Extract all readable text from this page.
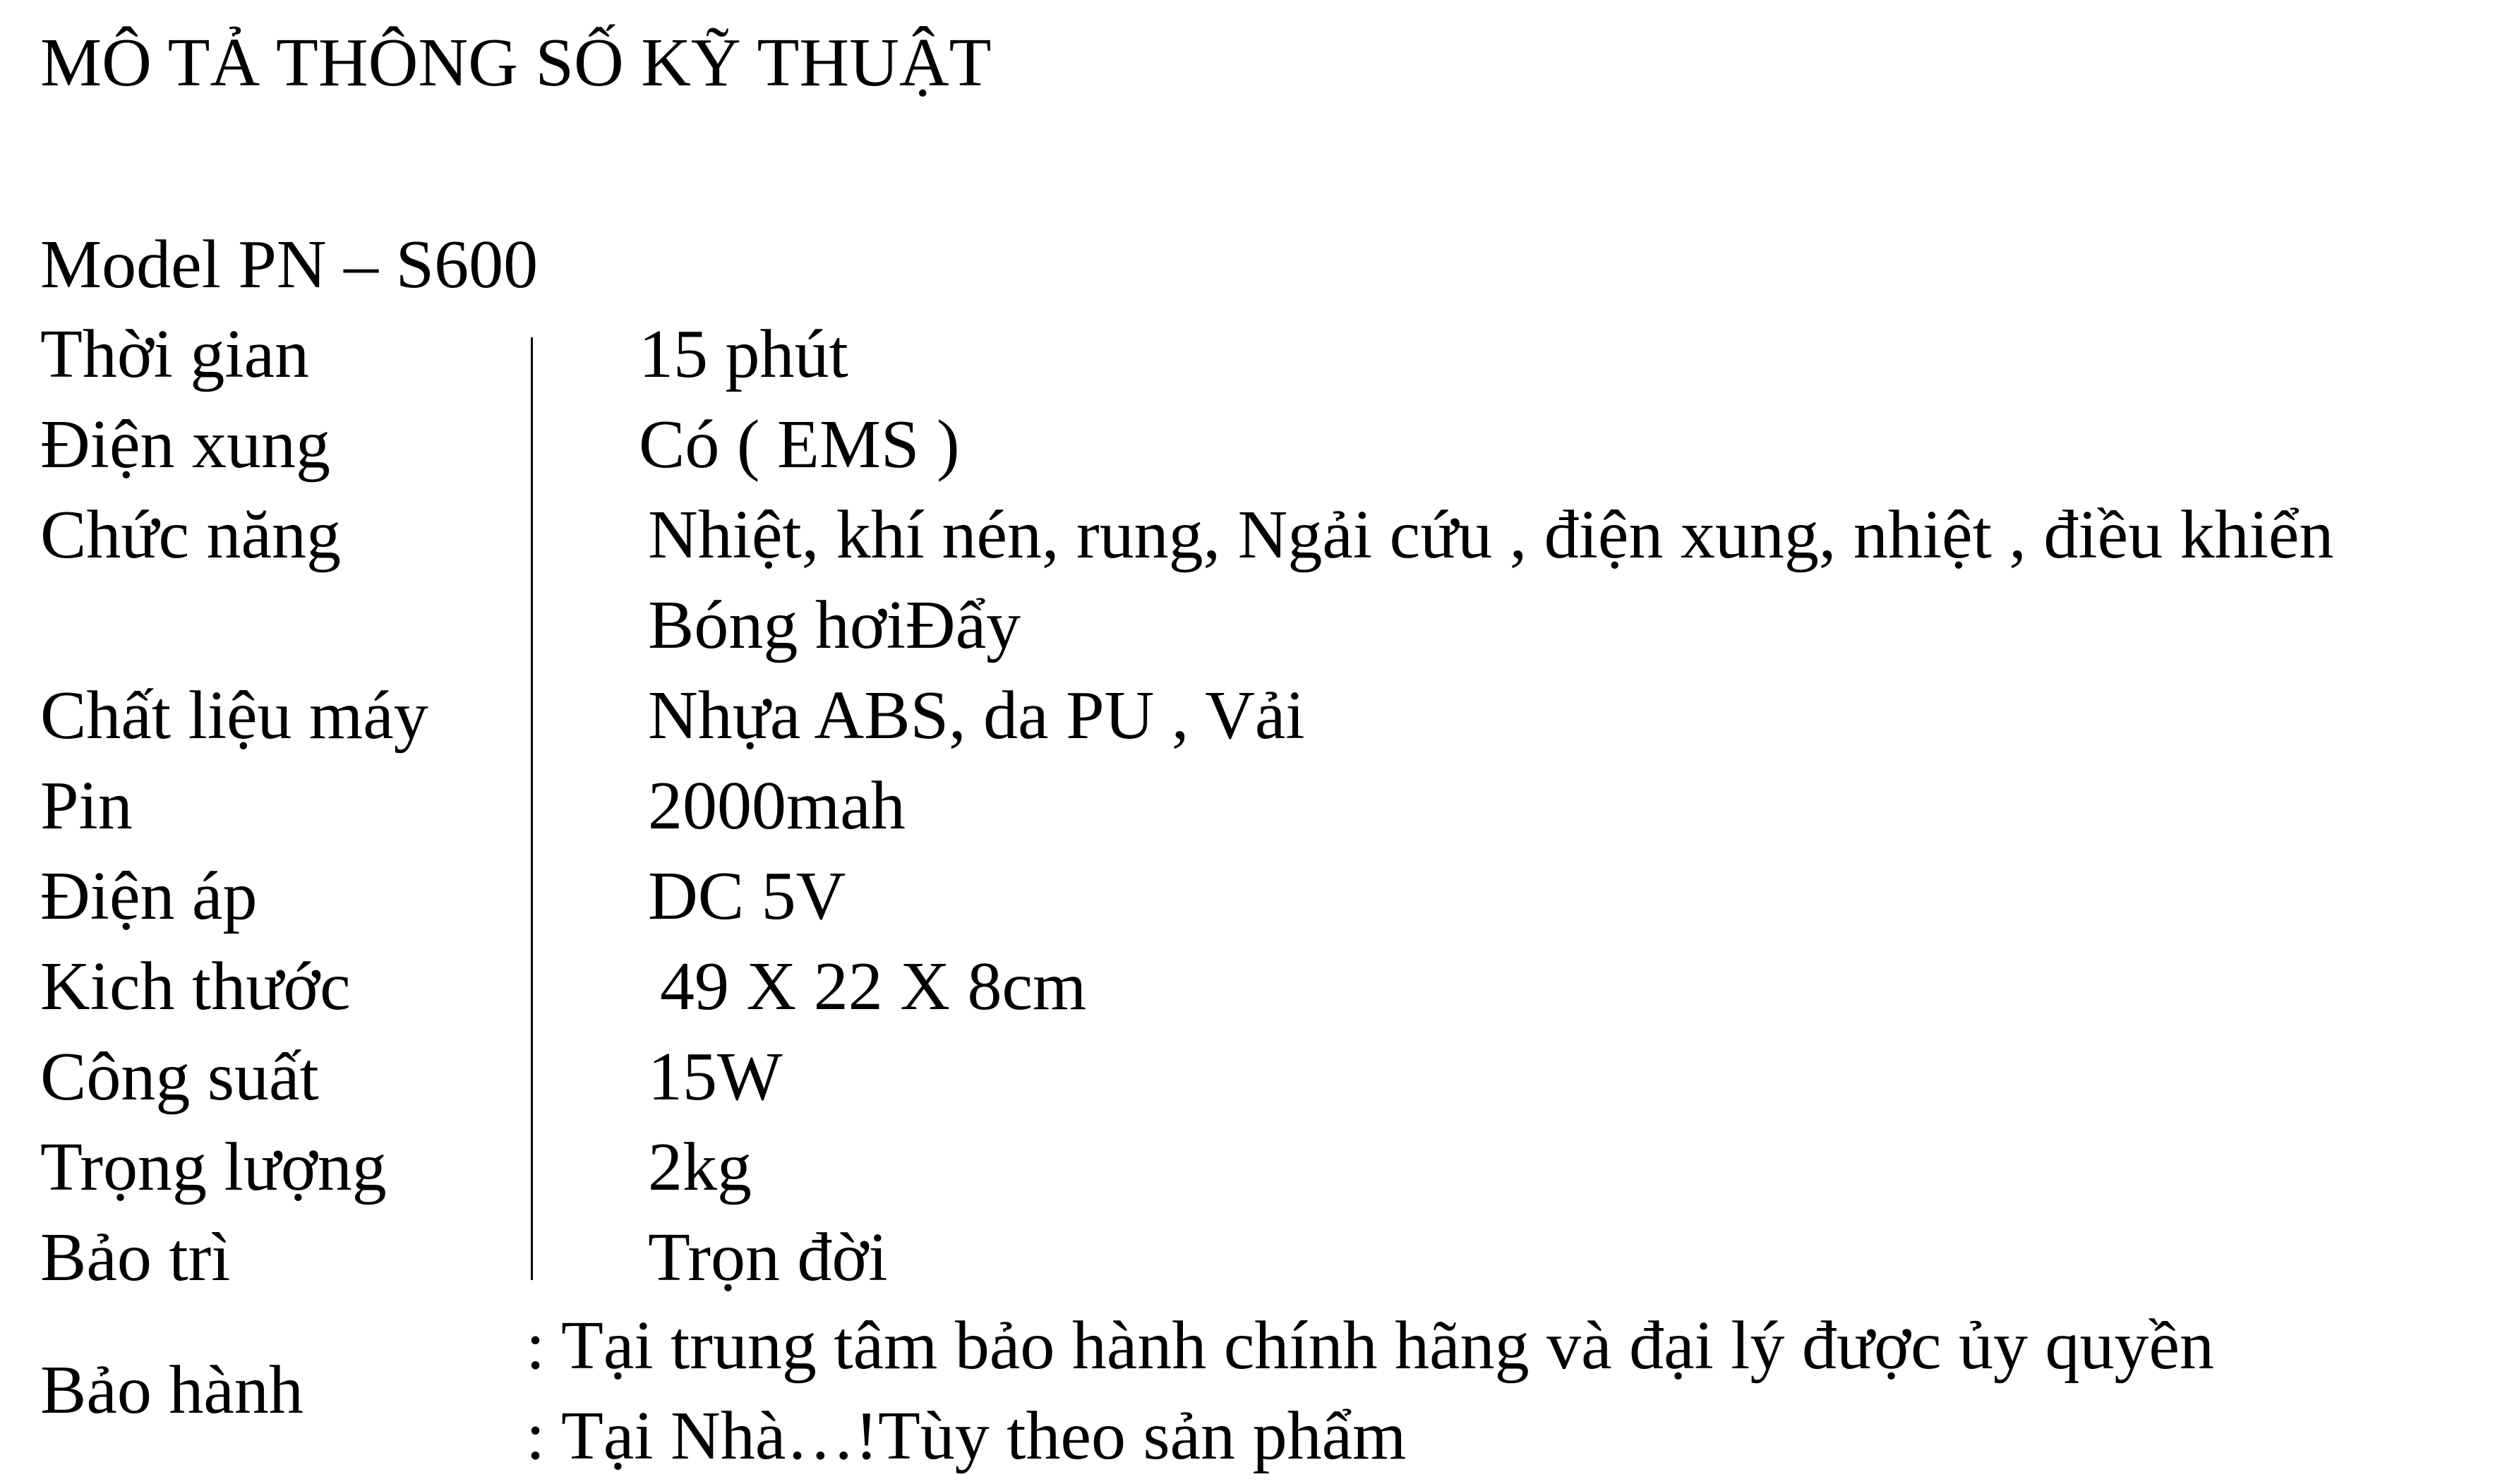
MÔ TẢ THÔNG SỐ KỸ THUẬT
Model PN – S600
Thời gian	15 phút
Điện xung	Có ( EMS )
Chức năng	Nhiệt, khí nén, rung, Ngải cứu , điện xung, nhiệt , điều khiển
Bóng hơiĐẩy
Chất liệu máy	Nhựa ABS, da PU , Vải
Pin	2000mah
Điện áp	DC 5V
Kich thước	49 X 22 X 8cm
Công suất	15W
Trọng lượng	2kg
Bảo trì	Trọn đời
Bảo hành
: Tại trung tâm bảo hành chính hãng và đại lý được ủy quyền
: Tại Nhà…!Tùy theo sản phẩm
